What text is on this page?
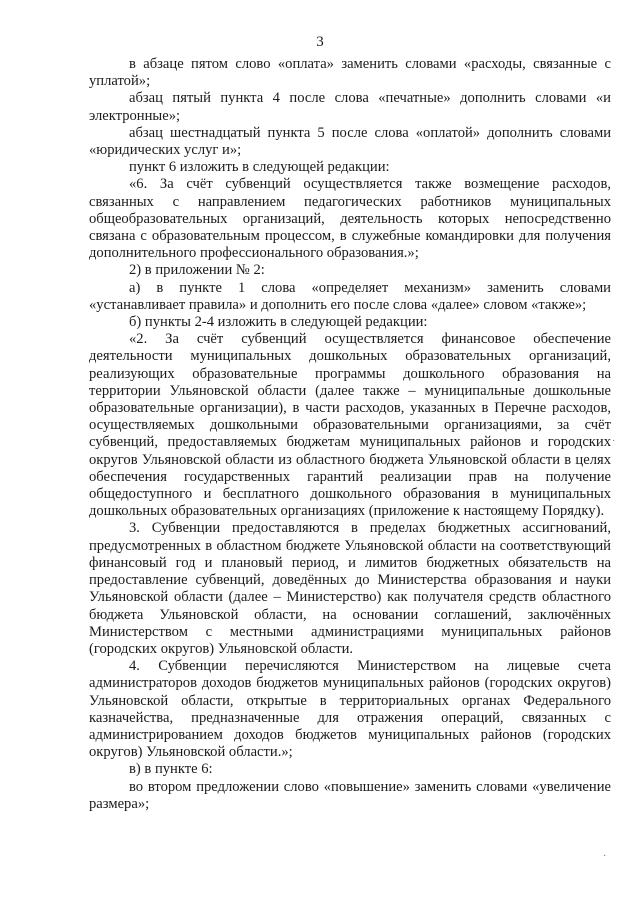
3

в абзаце пятом слово «оплата» заменить словами «расходы, связанные с уплатой»;

абзац пятый пункта 4 после слова «печатные» дополнить словами «и электронные»;

абзац шестнадцатый пункта 5 после слова «оплатой» дополнить словами «юридических услуг и»;

пункт 6 изложить в следующей редакции:

«6. За счёт субвенций осуществляется также возмещение расходов, связанных с направлением педагогических работников муниципальных общеобразовательных организаций, деятельность которых непосредственно связана с образовательным процессом, в служебные командировки для получения дополнительного профессионального образования.»;

2) в приложении № 2:

а) в пункте 1 слова «определяет механизм» заменить словами «устанавливает правила» и дополнить его после слова «далее» словом «также»;

б) пункты 2-4 изложить в следующей редакции:

«2. За счёт субвенций осуществляется финансовое обеспечение деятельности муниципальных дошкольных образовательных организаций, реализующих образовательные программы дошкольного образования на территории Ульяновской области (далее также – муниципальные дошкольные образовательные организации), в части расходов, указанных в Перечне расходов, осуществляемых дошкольными образовательными организациями, за счёт субвенций, предоставляемых бюджетам муниципальных районов и городских округов Ульяновской области из областного бюджета Ульяновской области в целях обеспечения государственных гарантий реализации прав на получение общедоступного и бесплатного дошкольного образования в муниципальных дошкольных образовательных организациях (приложение к настоящему Порядку).

3. Субвенции предоставляются в пределах бюджетных ассигнований, предусмотренных в областном бюджете Ульяновской области на соответствующий финансовый год и плановый период, и лимитов бюджетных обязательств на предоставление субвенций, доведённых до Министерства образования и науки Ульяновской области (далее – Министерство) как получателя средств областного бюджета Ульяновской области, на основании соглашений, заключённых Министерством с местными администрациями муниципальных районов (городских округов) Ульяновской области.

4. Субвенции перечисляются Министерством на лицевые счета администраторов доходов бюджетов муниципальных районов (городских округов) Ульяновской области, открытые в территориальных органах Федерального казначейства, предназначенные для отражения операций, связанных с администрированием доходов бюджетов муниципальных районов (городских округов) Ульяновской области.»;

в) в пункте 6:

во втором предложении слово «повышение» заменить словами «увеличение размера»;

·
·
